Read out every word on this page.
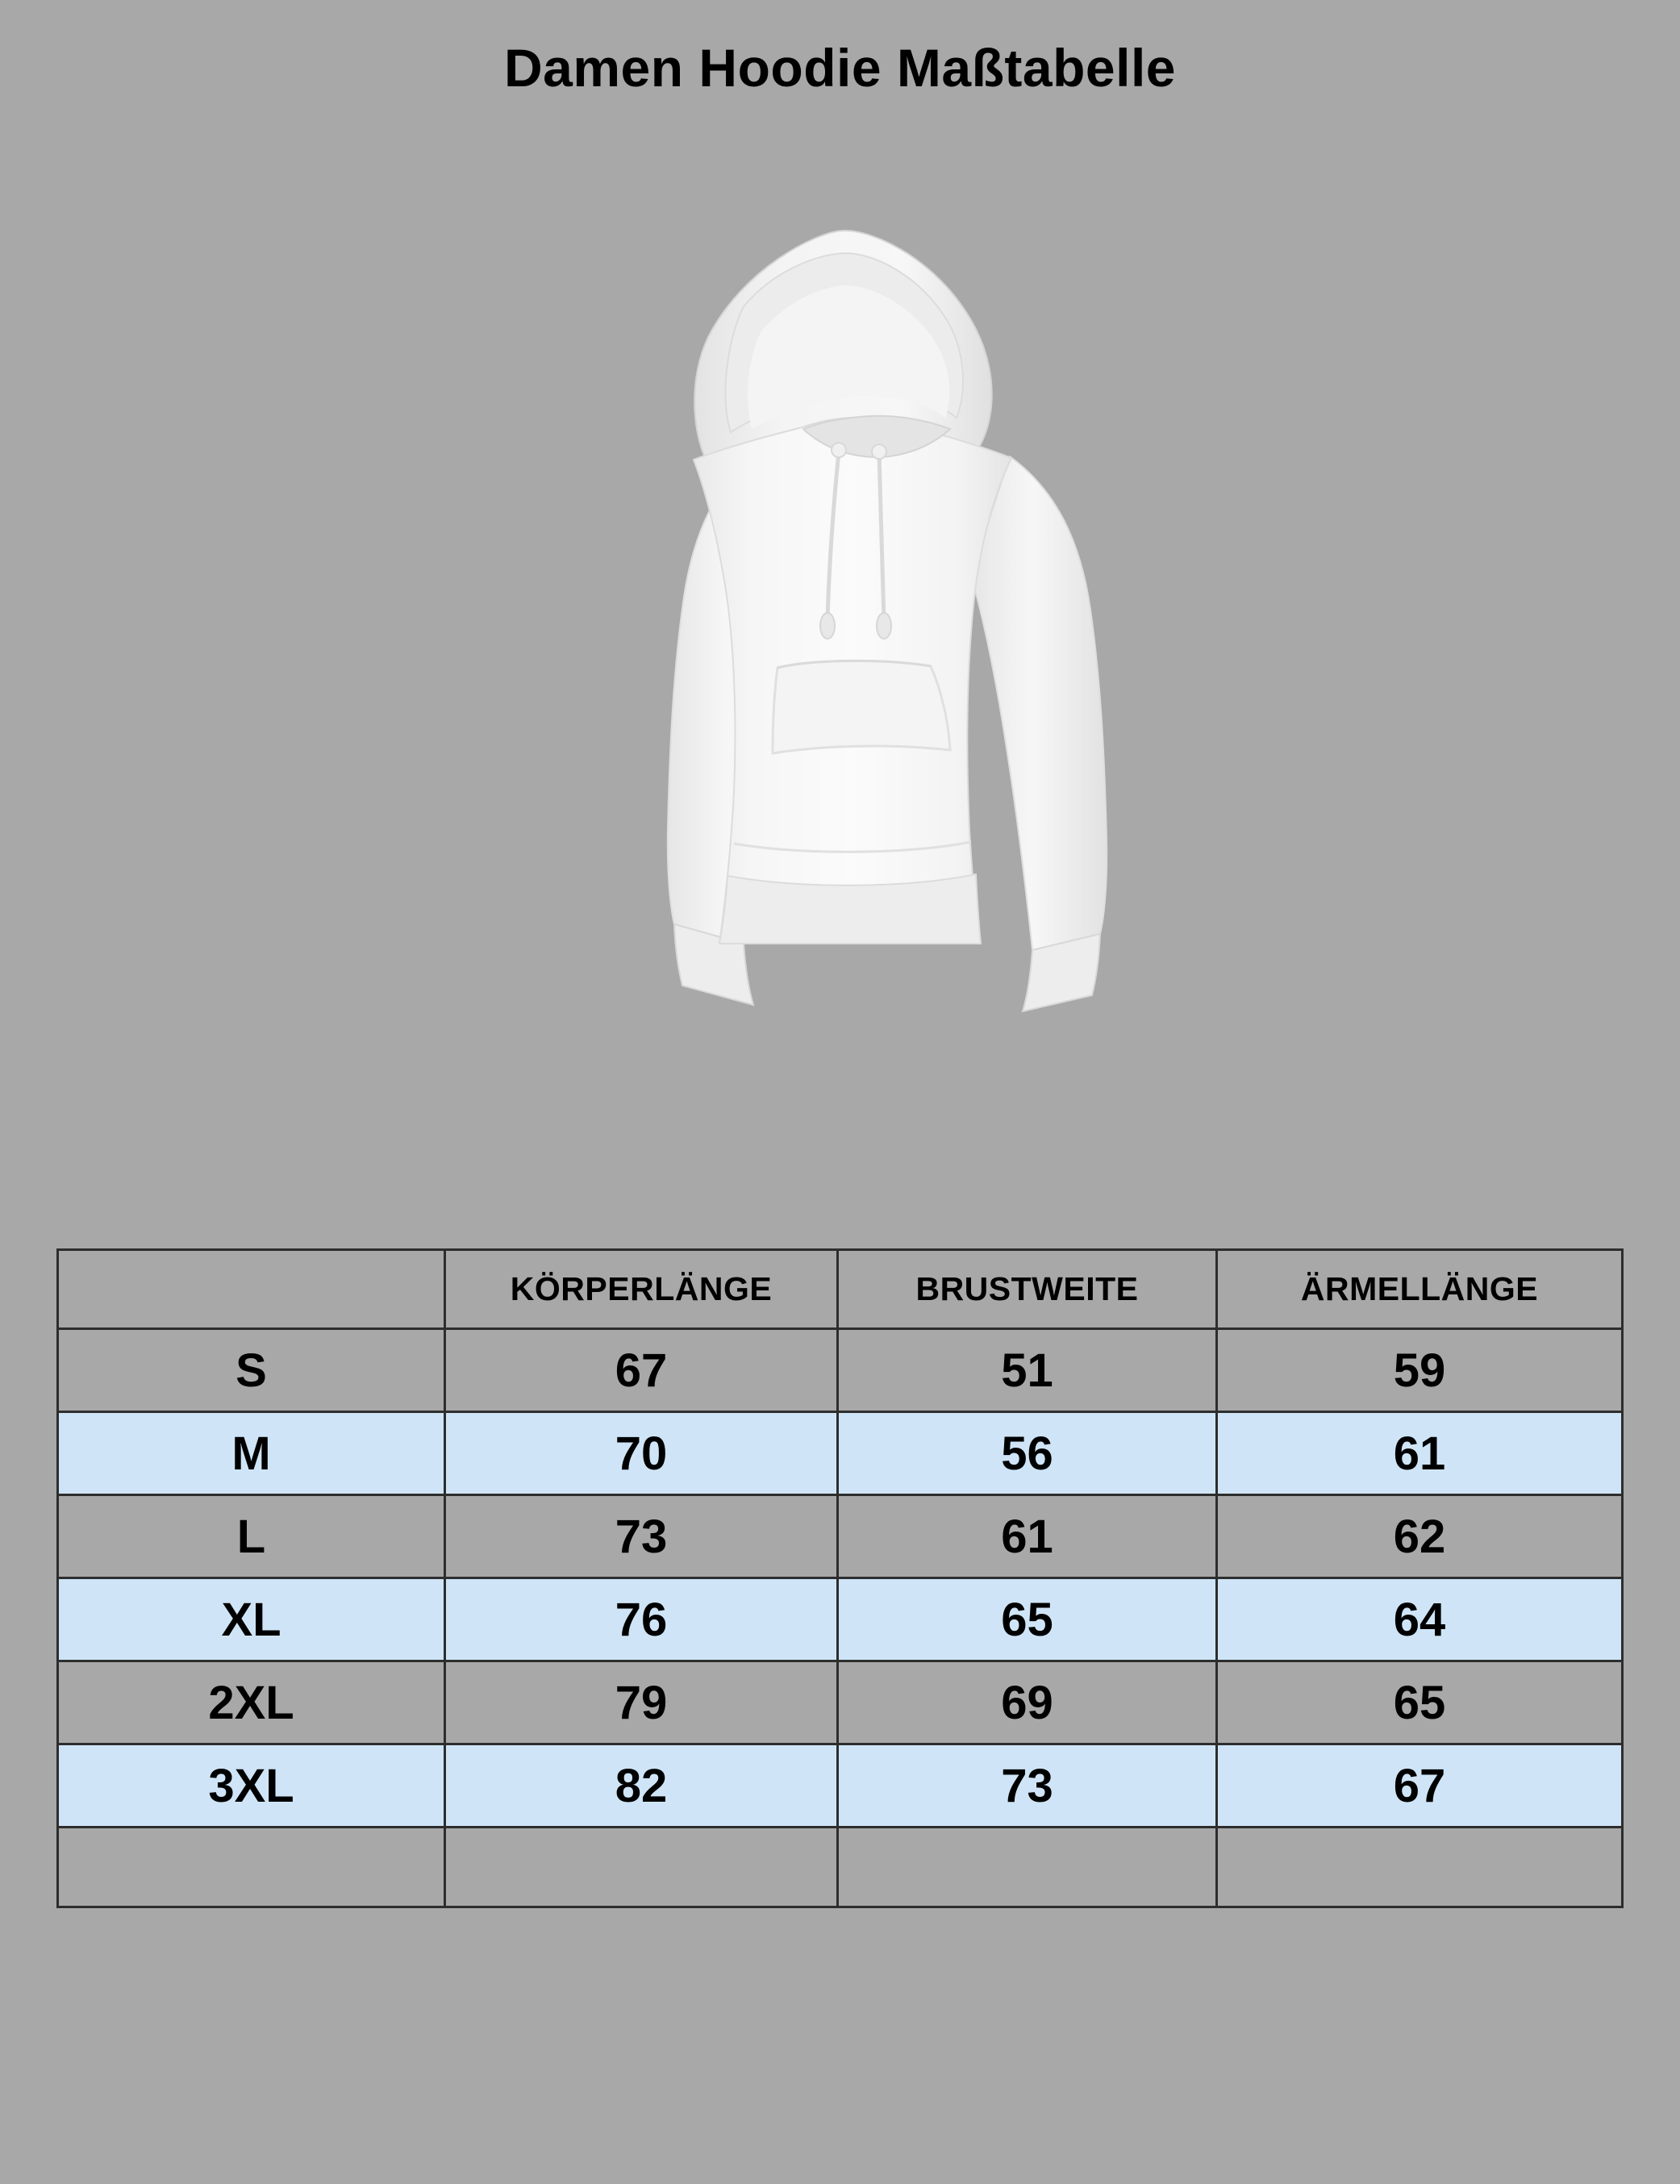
Damen Hoodie Maßtabelle
	KÖRPERLÄNGE	BRUSTWEITE	ÄRMELLÄNGE
S	67	51	59
M	70	56	61
L	73	61	62
XL	76	65	64
2XL	79	69	65
3XL	82	73	67
